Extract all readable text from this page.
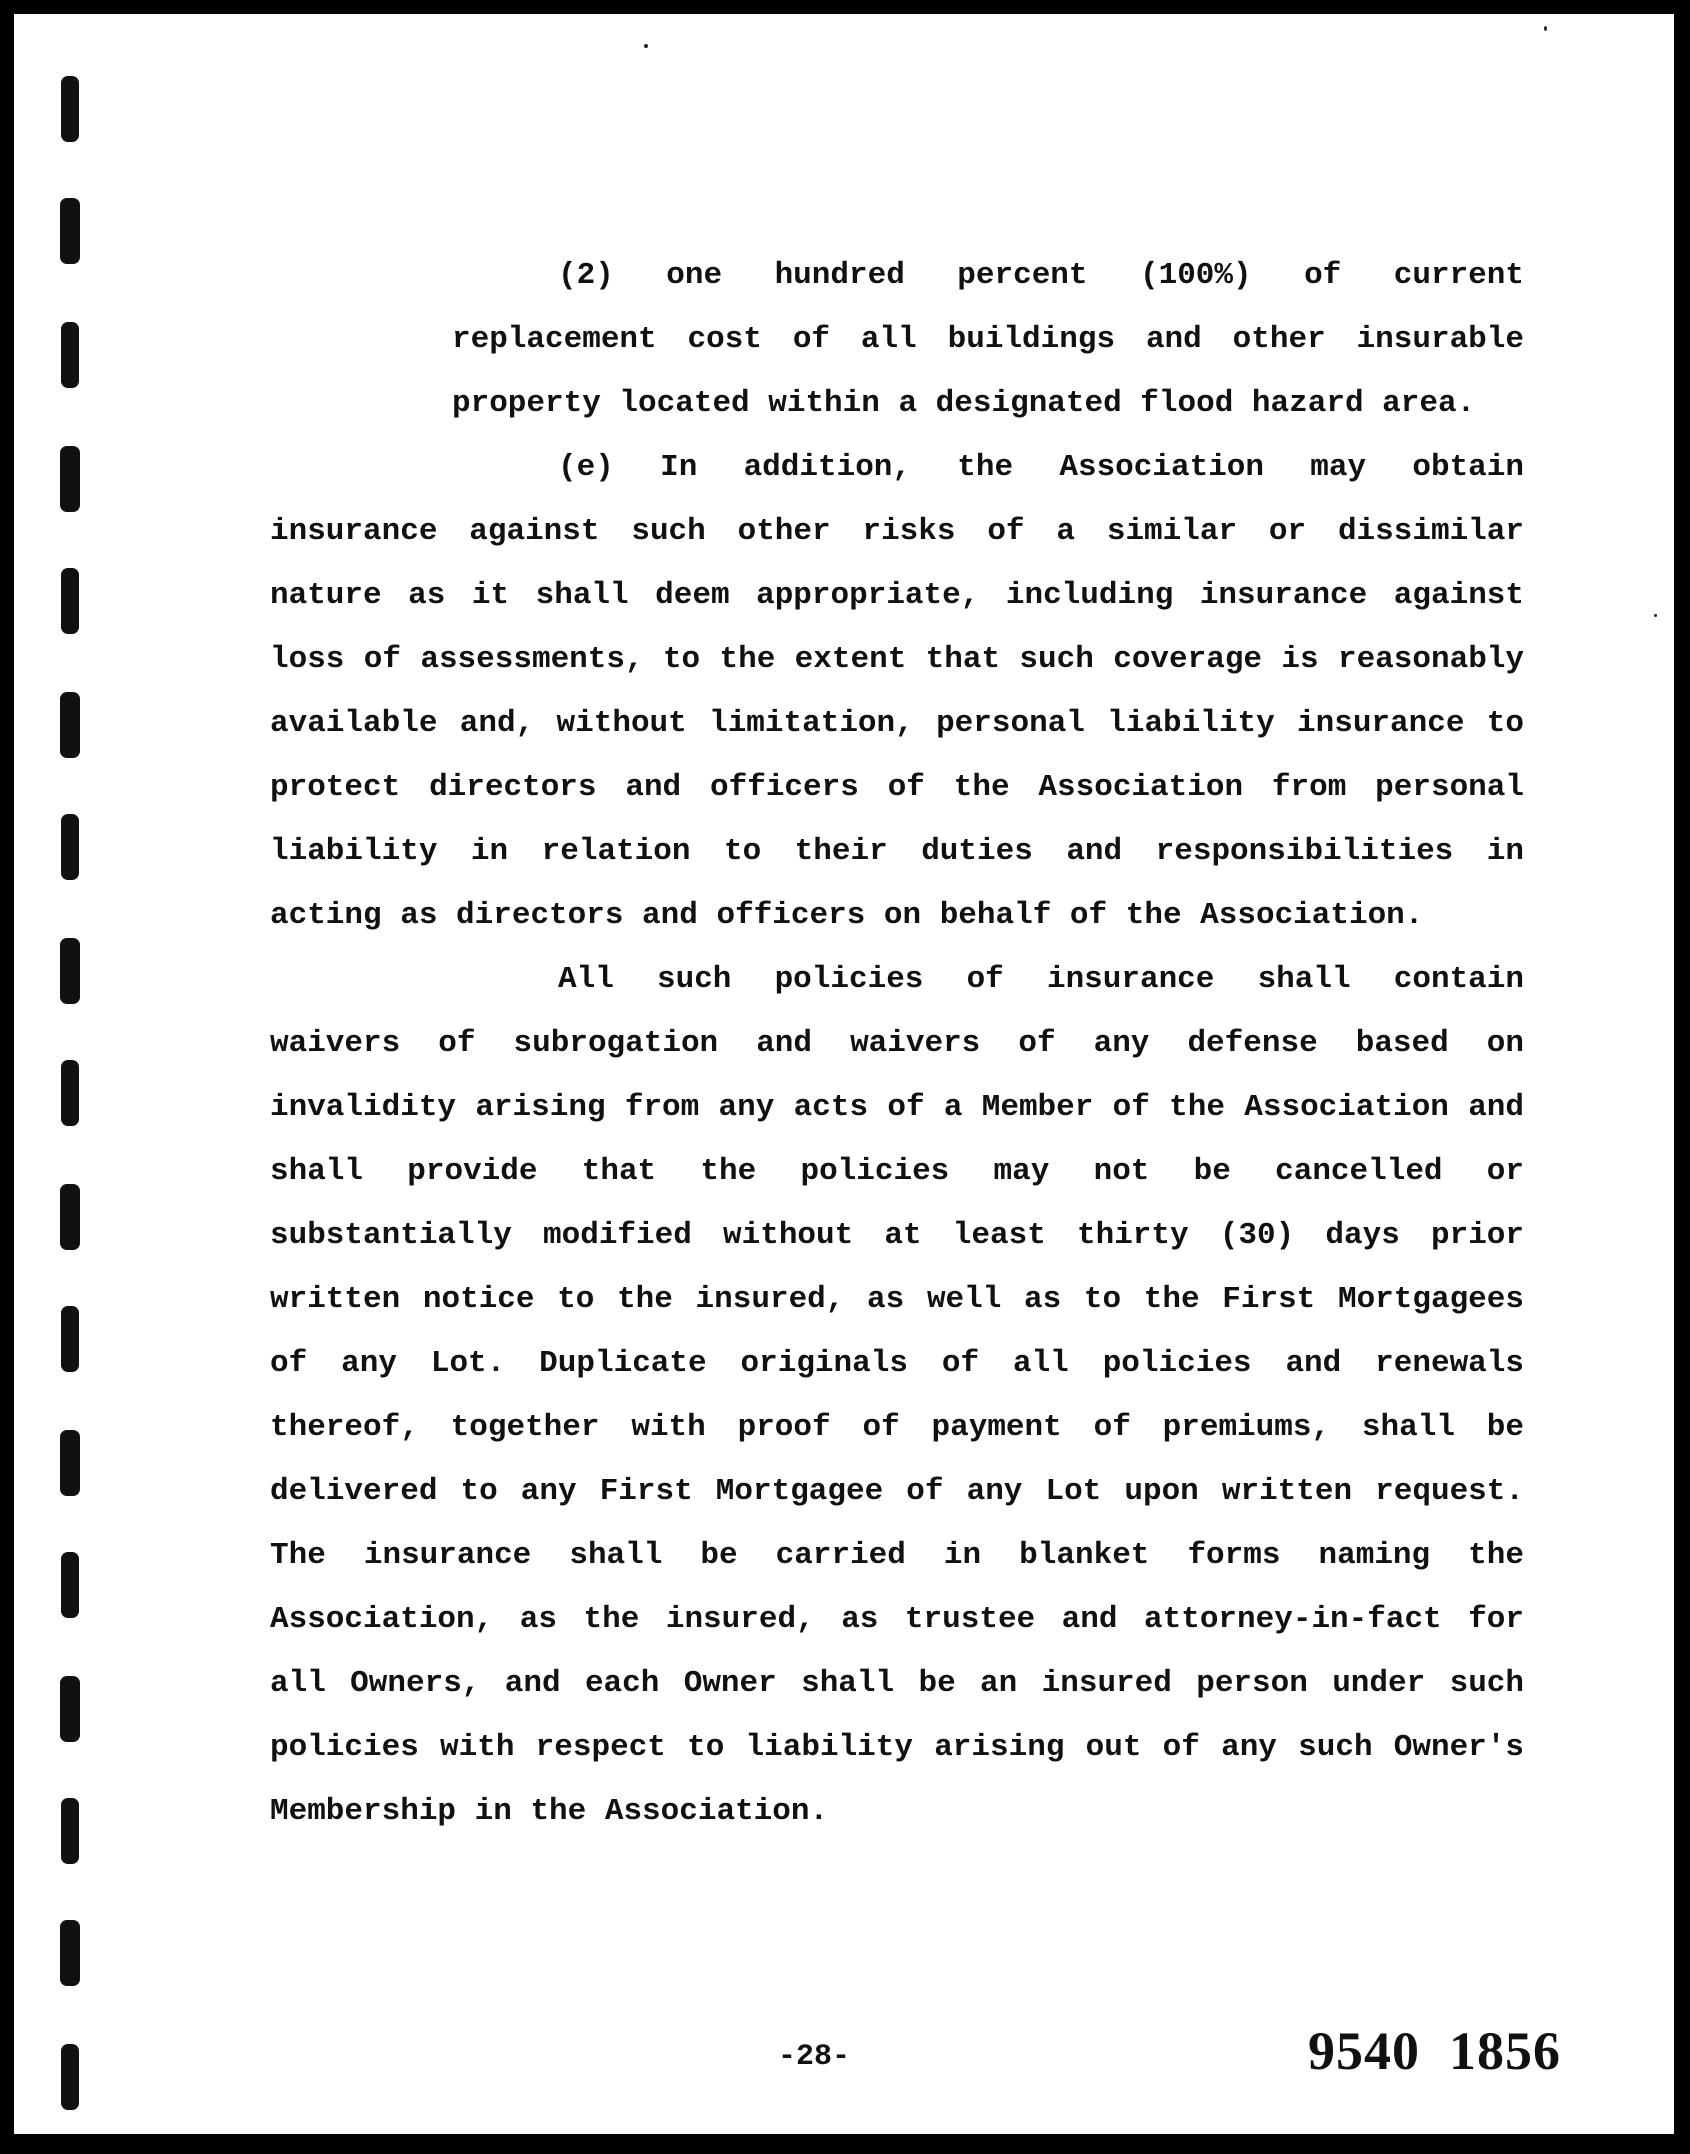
(2) one hundred percent (100%) of current replacement cost of all buildings and other insurable property located within a designated flood hazard area.

(e) In addition, the Association may obtain insurance against such other risks of a similar or dissimilar nature as it shall deem appropriate, including insurance against loss of assessments, to the extent that such coverage is reasonably available and, without limitation, personal liability insurance to protect directors and officers of the Association from personal liability in relation to their duties and responsibilities in acting as directors and officers on behalf of the Association.

All such policies of insurance shall contain waivers of subrogation and waivers of any defense based on invalidity arising from any acts of a Member of the Association and shall provide that the policies may not be cancelled or substantially modified without at least thirty (30) days prior written notice to the insured, as well as to the First Mortgagees of any Lot. Duplicate originals of all policies and renewals thereof, together with proof of payment of premiums, shall be delivered to any First Mortgagee of any Lot upon written request. The insurance shall be carried in blanket forms naming the Association, as the insured, as trustee and attorney-in-fact for all Owners, and each Owner shall be an insured person under such policies with respect to liability arising out of any such Owner's Membership in the Association.

-28-	9540  1856
